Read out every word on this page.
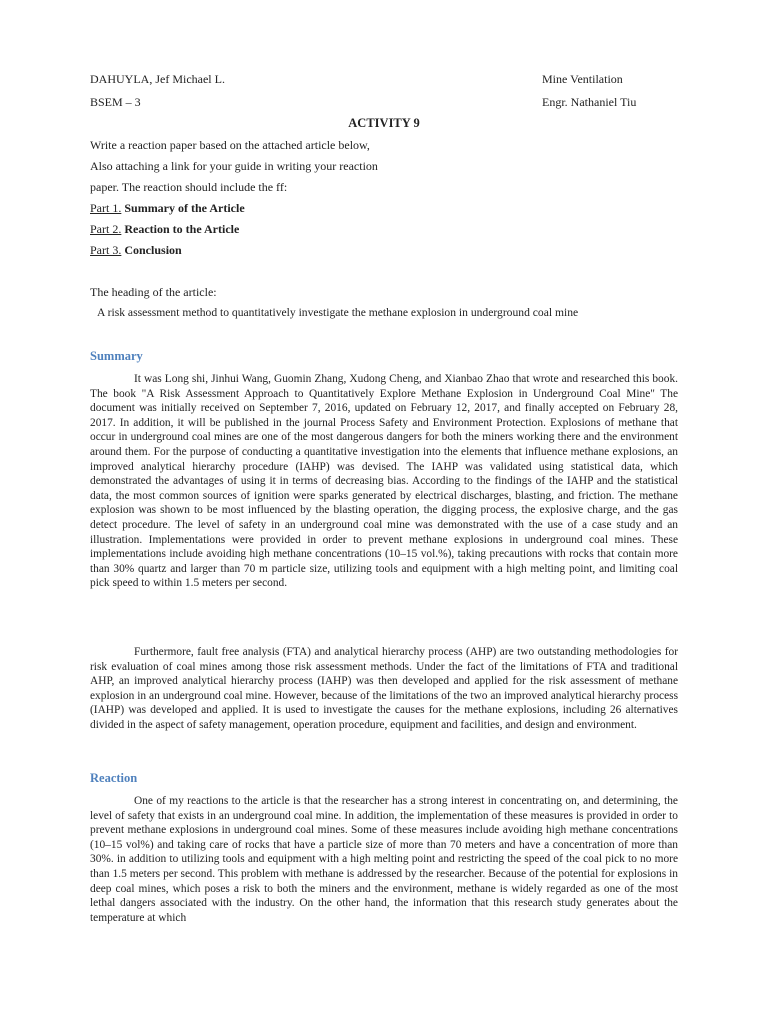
DAHUYLA, Jef Michael L.	Mine Ventilation
BSEM – 3	Engr. Nathaniel Tiu
ACTIVITY 9
Write a reaction paper based on the attached article below,
Also attaching a link for your guide in writing your reaction
paper. The reaction should include the ff:
Part 1. Summary of the Article
Part 2. Reaction to the Article
Part 3. Conclusion
The heading of the article:
A risk assessment method to quantitatively investigate the methane explosion in underground coal mine
Summary

It was Long shi, Jinhui Wang, Guomin Zhang, Xudong Cheng, and Xianbao Zhao that wrote and researched this book. The book "A Risk Assessment Approach to Quantitatively Explore Methane Explosion in Underground Coal Mine" The document was initially received on September 7, 2016, updated on February 12, 2017, and finally accepted on February 28, 2017. In addition, it will be published in the journal Process Safety and Environment Protection. Explosions of methane that occur in underground coal mines are one of the most dangerous dangers for both the miners working there and the environment around them. For the purpose of conducting a quantitative investigation into the elements that influence methane explosions, an improved analytical hierarchy procedure (IAHP) was devised. The IAHP was validated using statistical data, which demonstrated the advantages of using it in terms of decreasing bias. According to the findings of the IAHP and the statistical data, the most common sources of ignition were sparks generated by electrical discharges, blasting, and friction. The methane explosion was shown to be most influenced by the blasting operation, the digging process, the explosive charge, and the gas detect procedure. The level of safety in an underground coal mine was demonstrated with the use of a case study and an illustration. Implementations were provided in order to prevent methane explosions in underground coal mines. These implementations include avoiding high methane concentrations (10–15 vol.%), taking precautions with rocks that contain more than 30% quartz and larger than 70 m particle size, utilizing tools and equipment with a high melting point, and limiting coal pick speed to within 1.5 meters per second.

Furthermore, fault free analysis (FTA) and analytical hierarchy process (AHP) are two outstanding methodologies for risk evaluation of coal mines among those risk assessment methods. Under the fact of the limitations of FTA and traditional AHP, an improved analytical hierarchy process (IAHP) was then developed and applied for the risk assessment of methane explosion in an underground coal mine. However, because of the limitations of the two an improved analytical hierarchy process (IAHP) was developed and applied. It is used to investigate the causes for the methane explosions, including 26 alternatives divided in the aspect of safety management, operation procedure, equipment and facilities, and design and environment.

Reaction

One of my reactions to the article is that the researcher has a strong interest in concentrating on, and determining, the level of safety that exists in an underground coal mine. In addition, the implementation of these measures is provided in order to prevent methane explosions in underground coal mines. Some of these measures include avoiding high methane concentrations (10–15 vol%) and taking care of rocks that have a particle size of more than 70 meters and have a concentration of more than 30%. in addition to utilizing tools and equipment with a high melting point and restricting the speed of the coal pick to no more than 1.5 meters per second. This problem with methane is addressed by the researcher. Because of the potential for explosions in deep coal mines, which poses a risk to both the miners and the environment, methane is widely regarded as one of the most lethal dangers associated with the industry. On the other hand, the information that this research study generates about the temperature at which
